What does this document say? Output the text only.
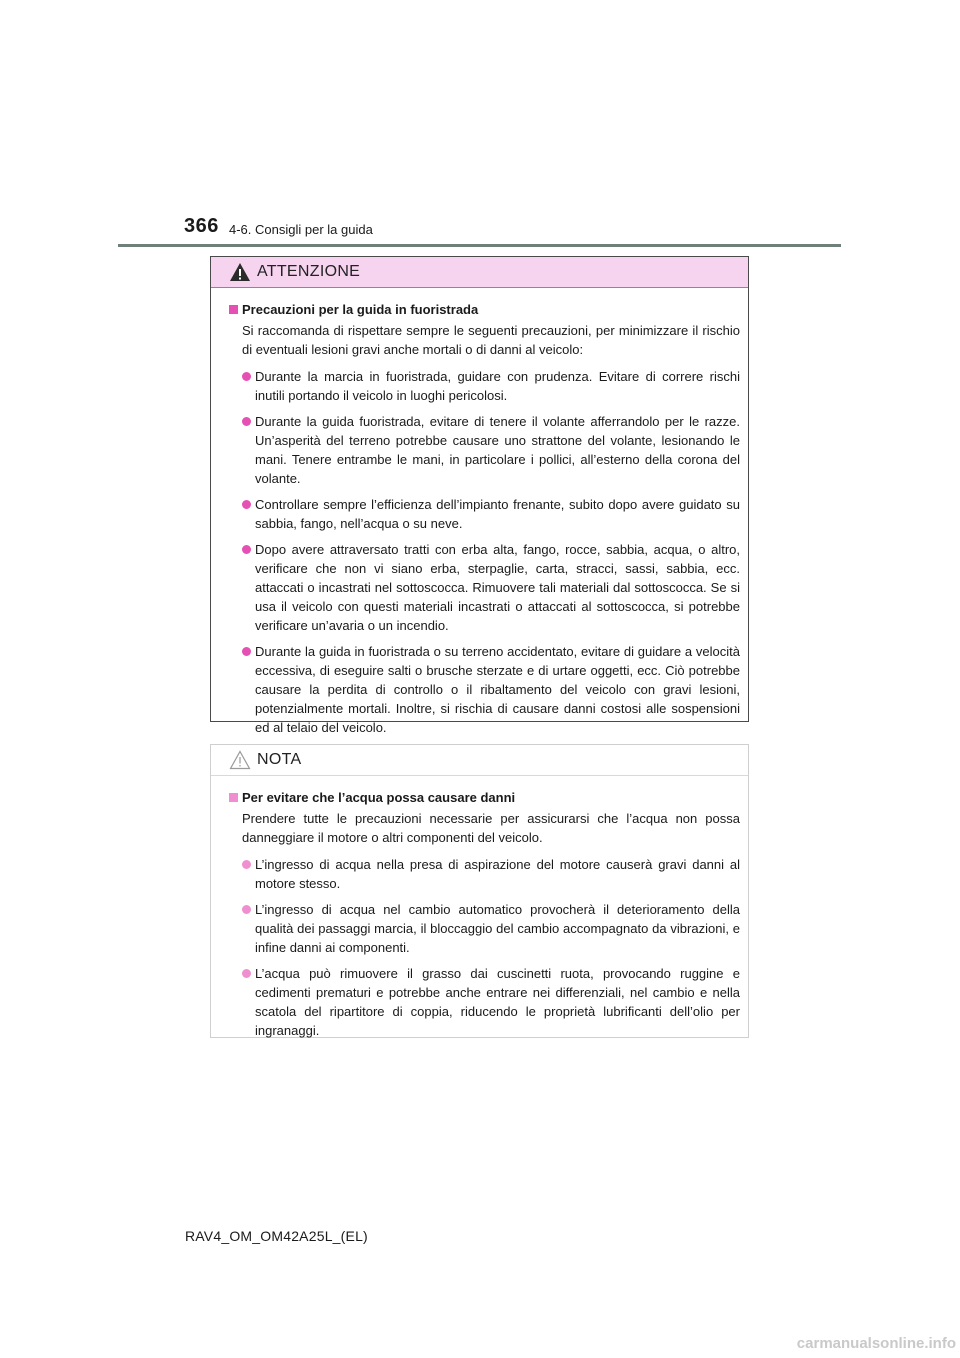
366 4-6. Consigli per la guida
ATTENZIONE
Precauzioni per la guida in fuoristrada
Si raccomanda di rispettare sempre le seguenti precauzioni, per minimizzare il rischio di eventuali lesioni gravi anche mortali o di danni al veicolo:
Durante la marcia in fuoristrada, guidare con prudenza. Evitare di correre rischi inutili portando il veicolo in luoghi pericolosi.
Durante la guida fuoristrada, evitare di tenere il volante afferrandolo per le razze. Un’asperità del terreno potrebbe causare uno strattone del volante, lesionando le mani. Tenere entrambe le mani, in particolare i pollici, all’esterno della corona del volante.
Controllare sempre l’efficienza dell’impianto frenante, subito dopo avere guidato su sabbia, fango, nell’acqua o su neve.
Dopo avere attraversato tratti con erba alta, fango, rocce, sabbia, acqua, o altro, verificare che non vi siano erba, sterpaglie, carta, stracci, sassi, sabbia, ecc. attaccati o incastrati nel sottoscocca. Rimuovere tali materiali dal sottoscocca. Se si usa il veicolo con questi materiali incastrati o attaccati al sottoscocca, si potrebbe verificare un’avaria o un incendio.
Durante la guida in fuoristrada o su terreno accidentato, evitare di guidare a velocità eccessiva, di eseguire salti o brusche sterzate e di urtare oggetti, ecc. Ciò potrebbe causare la perdita di controllo o il ribaltamento del veicolo con gravi lesioni, potenzialmente mortali. Inoltre, si rischia di causare danni costosi alle sospensioni ed al telaio del veicolo.
NOTA
Per evitare che l’acqua possa causare danni
Prendere tutte le precauzioni necessarie per assicurarsi che l’acqua non possa danneggiare il motore o altri componenti del veicolo.
L’ingresso di acqua nella presa di aspirazione del motore causerà gravi danni al motore stesso.
L’ingresso di acqua nel cambio automatico provocherà il deterioramento della qualità dei passaggi marcia, il bloccaggio del cambio accompagnato da vibrazioni, e infine danni ai componenti.
L’acqua può rimuovere il grasso dai cuscinetti ruota, provocando ruggine e cedimenti prematuri e potrebbe anche entrare nei differenziali, nel cambio e nella scatola del ripartitore di coppia, riducendo le proprietà lubrificanti dell’olio per ingranaggi.
RAV4_OM_OM42A25L_(EL)
carmanualsonline.info
